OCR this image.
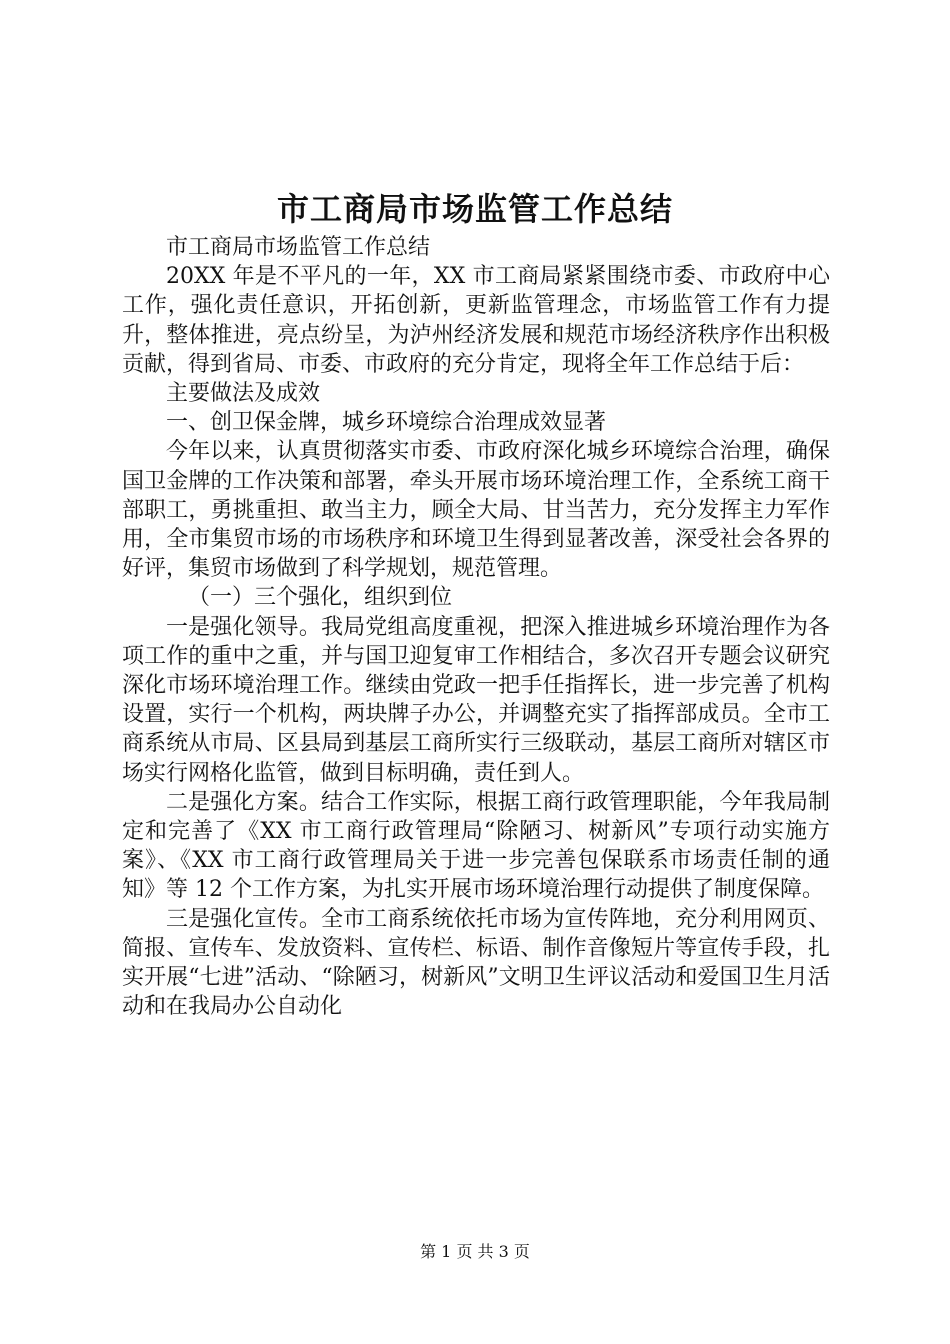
市工商局市场监管工作总结

市工商局市场监管工作总结

20XX 年是不平凡的一年，XX 市工商局紧紧围绕市委、市政府中心工作，强化责任意识，开拓创新，更新监管理念，市场监管工作有力提升，整体推进，亮点纷呈，为泸州经济发展和规范市场经济秩序作出积极贡献，得到省局、市委、市政府的充分肯定，现将全年工作总结于后：

主要做法及成效

一、创卫保金牌，城乡环境综合治理成效显著

今年以来，认真贯彻落实市委、市政府深化城乡环境综合治理，确保国卫金牌的工作决策和部署，牵头开展市场环境治理工作，全系统工商干部职工，勇挑重担、敢当主力，顾全大局、甘当苦力，充分发挥主力军作用，全市集贸市场的市场秩序和环境卫生得到显著改善，深受社会各界的好评，集贸市场做到了科学规划，规范管理。

（一）三个强化，组织到位

一是强化领导。我局党组高度重视，把深入推进城乡环境治理作为各项工作的重中之重，并与国卫迎复审工作相结合，多次召开专题会议研究深化市场环境治理工作。继续由党政一把手任指挥长，进一步完善了机构设置，实行一个机构，两块牌子办公，并调整充实了指挥部成员。全市工商系统从市局、区县局到基层工商所实行三级联动，基层工商所对辖区市场实行网格化监管，做到目标明确，责任到人。

二是强化方案。结合工作实际，根据工商行政管理职能，今年我局制定和完善了《XX 市工商行政管理局“除陋习、树新风”专项行动实施方案》、《XX 市工商行政管理局关于进一步完善包保联系市场责任制的通知》等 12 个工作方案，为扎实开展市场环境治理行动提供了制度保障。

三是强化宣传。全市工商系统依托市场为宣传阵地，充分利用网页、简报、宣传车、发放资料、宣传栏、标语、制作音像短片等宣传手段，扎实开展“七进”活动、“除陋习，树新风”文明卫生评议活动和爱国卫生月活动和在我局办公自动化

第 1 页 共 3 页
